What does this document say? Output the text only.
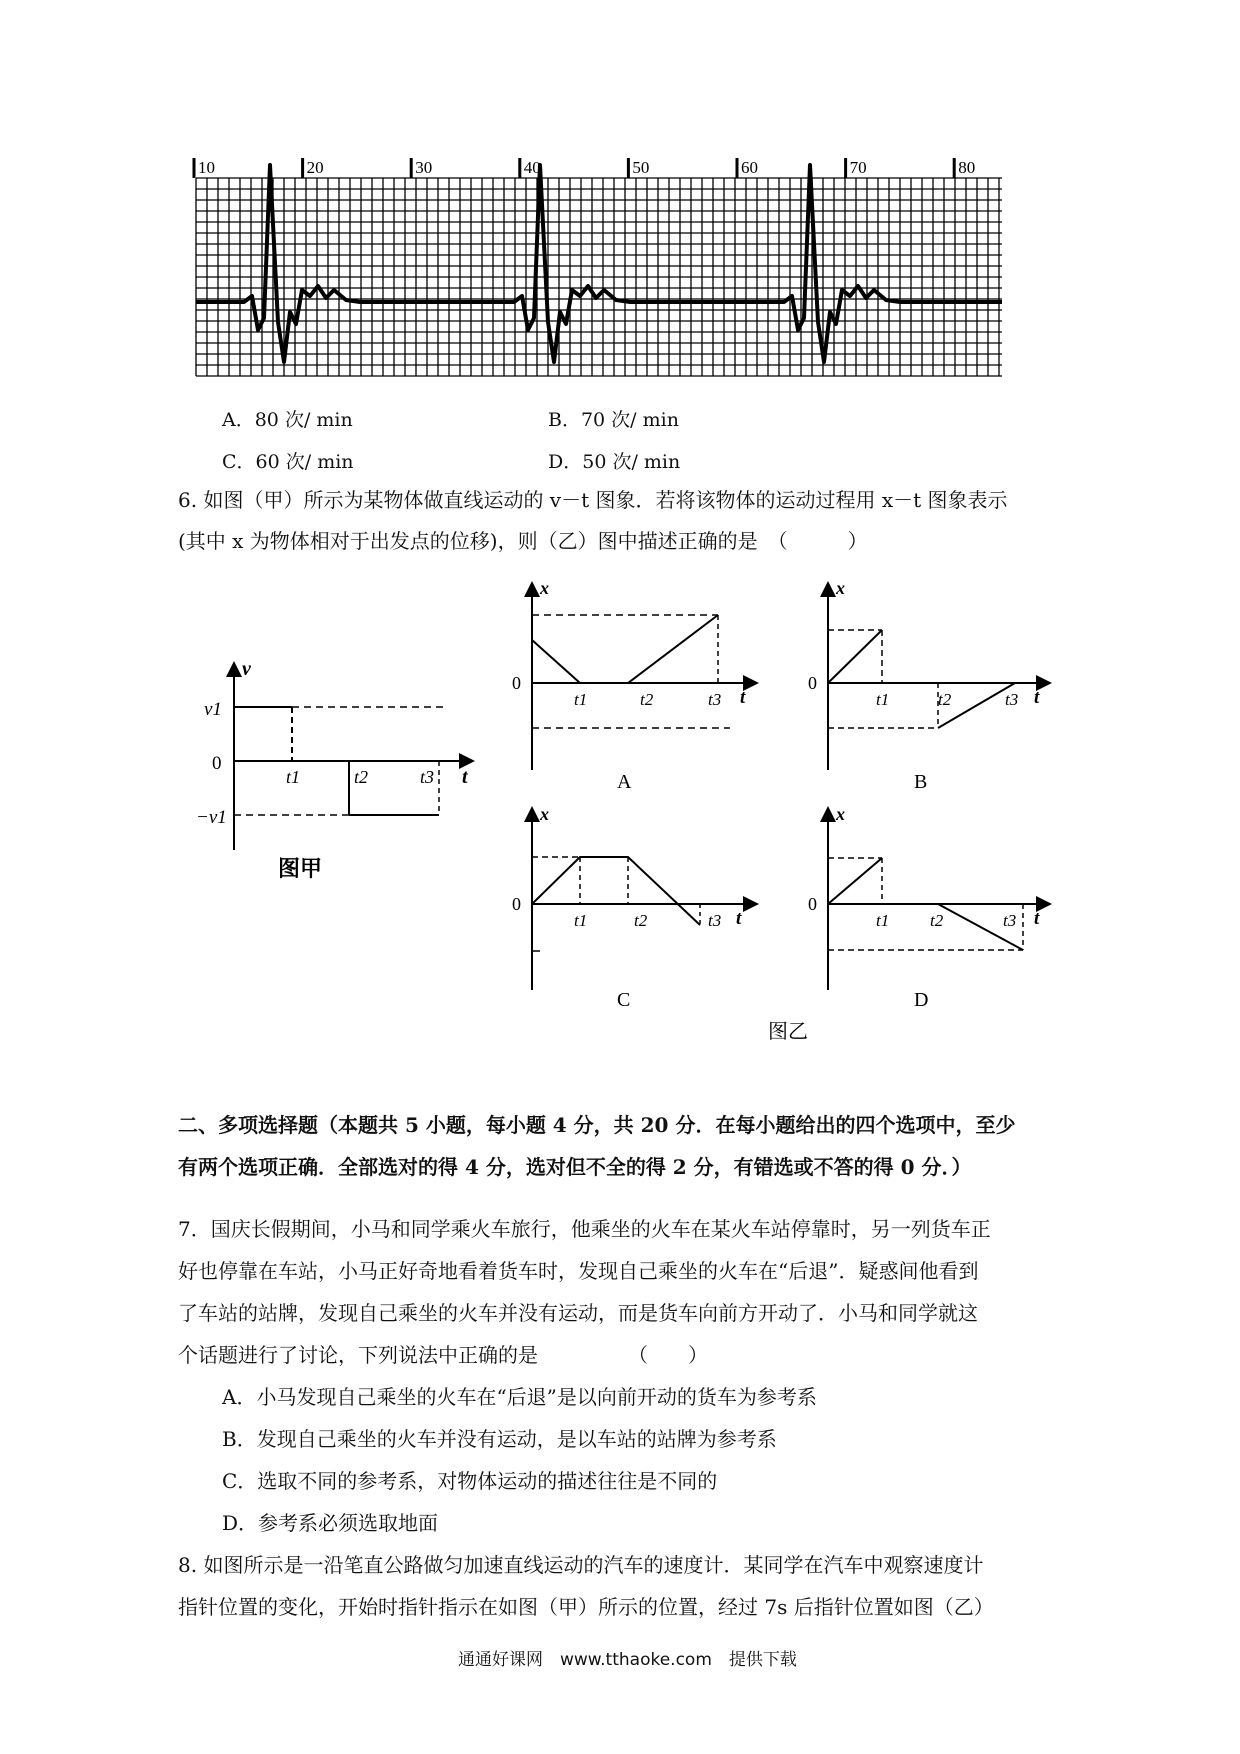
10	20	30	40	50	60	70	80
A．80 次/ min	B．70 次/ min
C．60 次/ min	D．50 次/ min
6. 如图（甲）所示为某物体做直线运动的 v－t 图象．若将该物体的运动过程用 x－t 图象表示
(其中 x 为物体相对于出发点的位移)，则（乙）图中描述正确的是　（　　　）
v
t
v1
−v1
0
t1	t2	t3
图甲
x
t
0
t1	t2	t3
A
x
t
0
t1	t2	t3
B
x
t
0
t1	t2	t3
C
x
t
0
t1 t2	t3
D
图乙
二、多项选择题（本题共 5 小题，每小题 4 分，共 20 分．在每小题给出的四个选项中，至少
有两个选项正确．全部选对的得 4 分，选对但不全的得 2 分，有错选或不答的得 0 分．）
7．国庆长假期间，小马和同学乘火车旅行，他乘坐的火车在某火车站停靠时，另一列货车正
好也停靠在车站，小马正好奇地看着货车时，发现自己乘坐的火车在“后退”．疑惑间他看到
了车站的站牌，发现自己乘坐的火车并没有运动，而是货车向前方开动了．小马和同学就这
个话题进行了讨论，下列说法中正确的是　　　　　（　　）
A．小马发现自己乘坐的火车在“后退”是以向前开动的货车为参考系
B．发现自己乘坐的火车并没有运动，是以车站的站牌为参考系
C．选取不同的参考系，对物体运动的描述往往是不同的
D．参考系必须选取地面
8. 如图所示是一沿笔直公路做匀加速直线运动的汽车的速度计．某同学在汽车中观察速度计
指针位置的变化，开始时指针指示在如图（甲）所示的位置，经过 7s 后指针位置如图（乙）
通通好课网　www.tthaoke.com　提供下载
